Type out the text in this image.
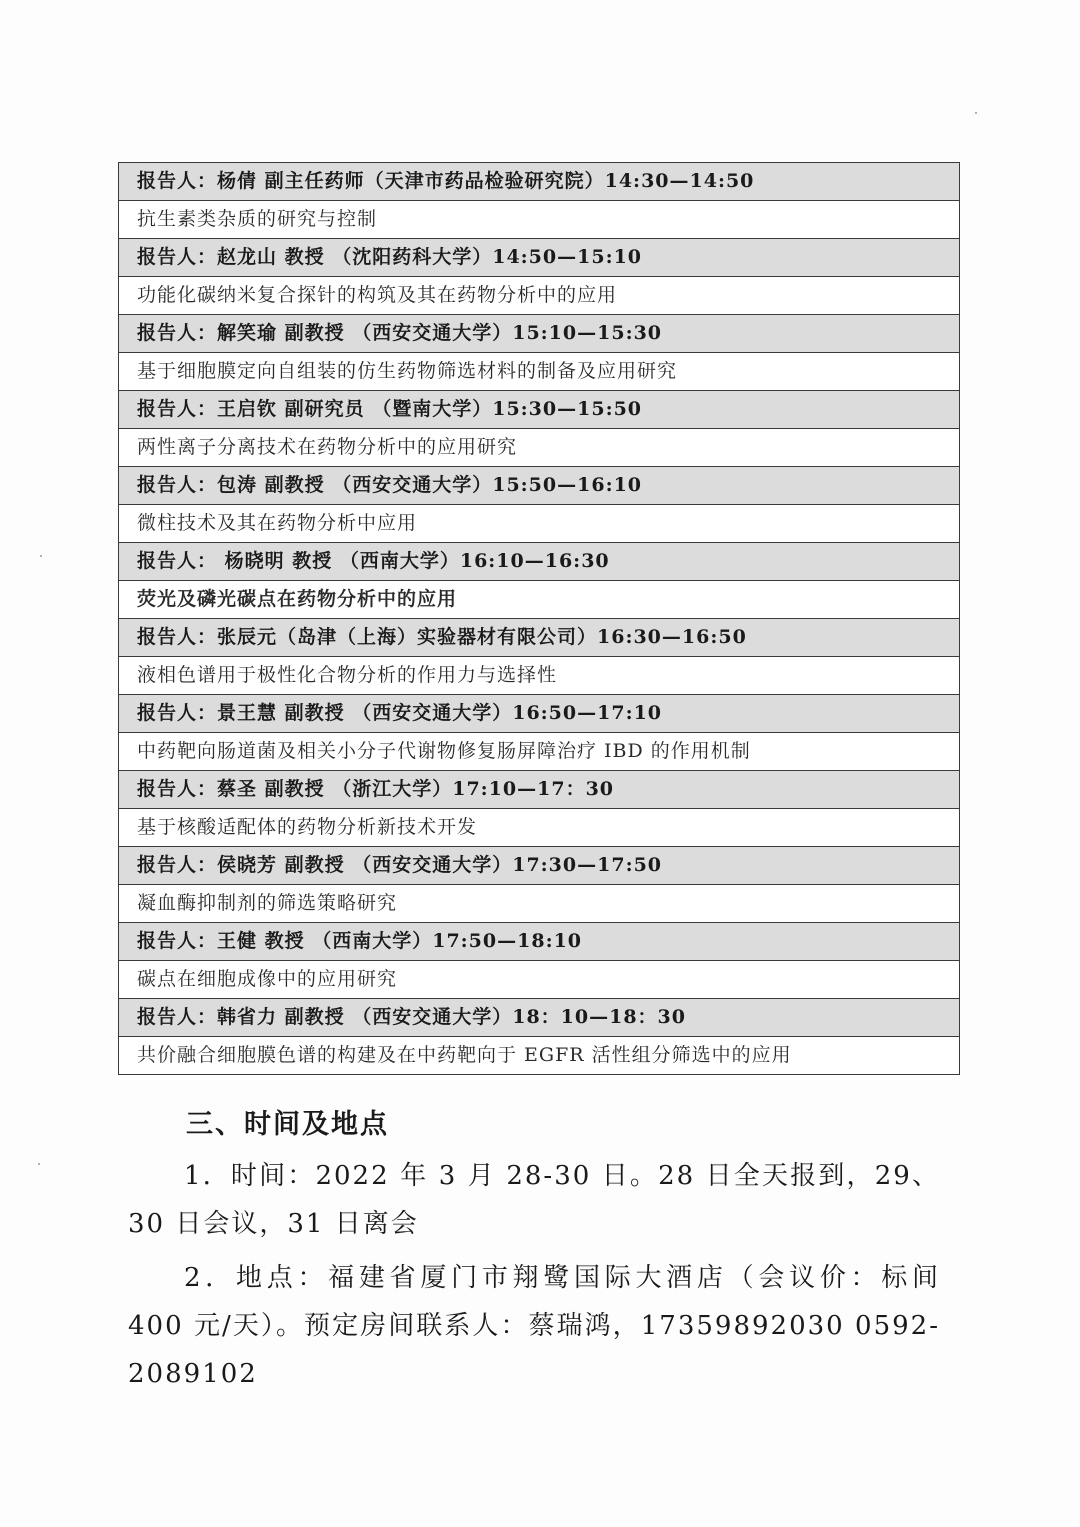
报告人：杨倩 副主任药师（天津市药品检验研究院）14:30—14:50
抗生素类杂质的研究与控制
报告人：赵龙山 教授 （沈阳药科大学）14:50—15:10
功能化碳纳米复合探针的构筑及其在药物分析中的应用
报告人：解笑瑜 副教授 （西安交通大学）15:10—15:30
基于细胞膜定向自组装的仿生药物筛选材料的制备及应用研究
报告人：王启钦 副研究员 （暨南大学）15:30—15:50
两性离子分离技术在药物分析中的应用研究
报告人：包涛 副教授 （西安交通大学）15:50—16:10
微柱技术及其在药物分析中应用
报告人： 杨晓明 教授 （西南大学）16:10—16:30
荧光及磷光碳点在药物分析中的应用
报告人：张辰元（岛津（上海）实验器材有限公司）16:30—16:50
液相色谱用于极性化合物分析的作用力与选择性
报告人：景王慧 副教授 （西安交通大学）16:50—17:10
中药靶向肠道菌及相关小分子代谢物修复肠屏障治疗 IBD 的作用机制
报告人：蔡圣 副教授 （浙江大学）17:10—17：30
基于核酸适配体的药物分析新技术开发
报告人：侯晓芳 副教授 （西安交通大学）17:30—17:50
凝血酶抑制剂的筛选策略研究
报告人：王健 教授 （西南大学）17:50—18:10
碳点在细胞成像中的应用研究
报告人：韩省力 副教授 （西安交通大学）18：10—18：30
共价融合细胞膜色谱的构建及在中药靶向于 EGFR 活性组分筛选中的应用
三、时间及地点

1．时间：2022 年 3 月 28-30 日。28 日全天报到，29、30 日会议，31 日离会

2．地点：福建省厦门市翔鹭国际大酒店（会议价：标间 400 元/天）。预定房间联系人：蔡瑞鸿，17359892030 0592-2089102
